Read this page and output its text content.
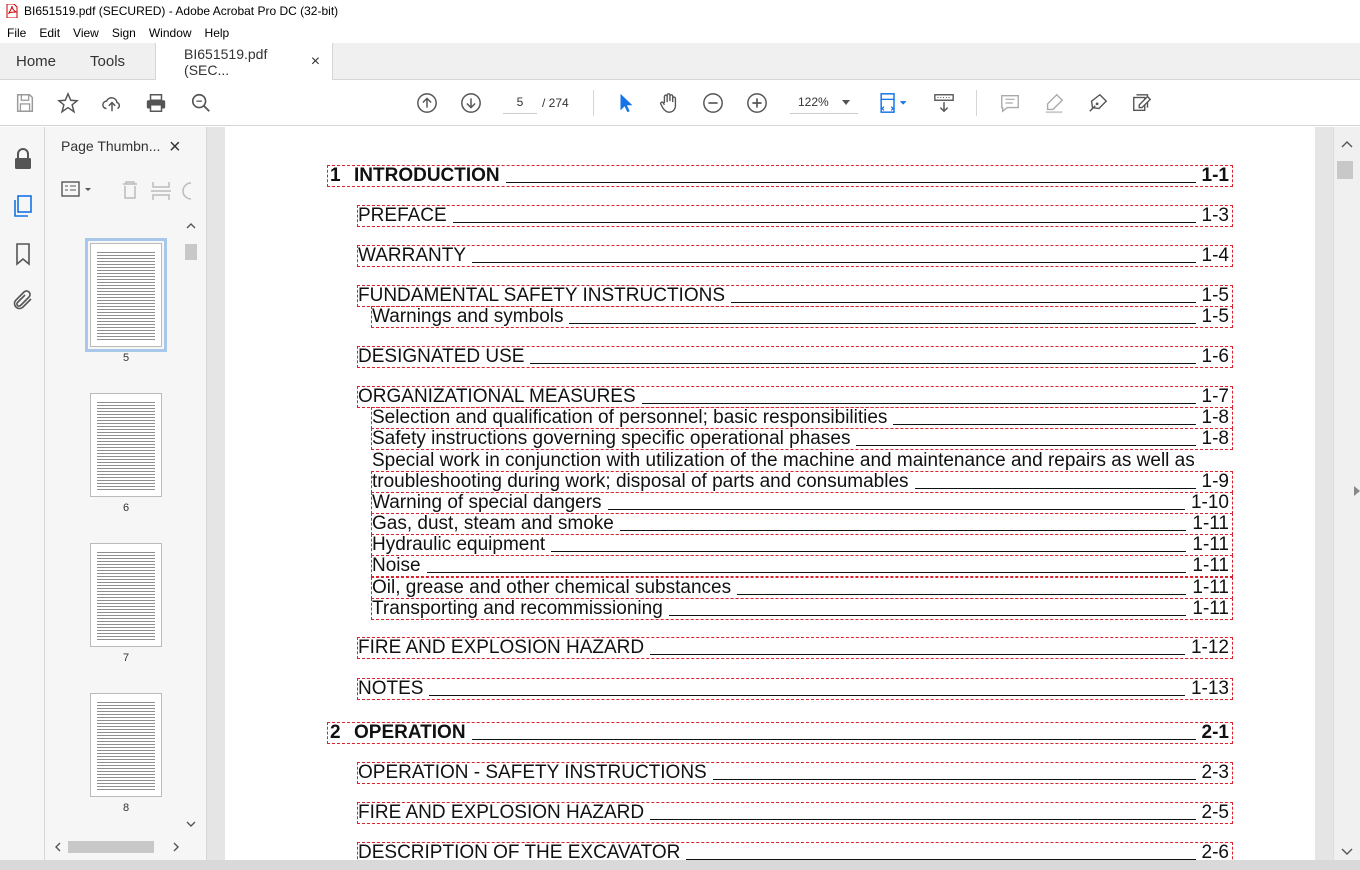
BI651519.pdf (SECURED) - Adobe Acrobat Pro DC (32-bit)
File	Edit	View	Sign	Window	Help
Home Tools	BI651519.pdf (SEC...	×
5
/ 274	122%
Page Thumbn... ×
5
6
7
8
1 INTRODUCTION	1-1
PREFACE	1-3
WARRANTY	1-4
FUNDAMENTAL SAFETY INSTRUCTIONS	1-5
Warnings and symbols	1-5
DESIGNATED USE	1-6
ORGANIZATIONAL MEASURES	1-7
Selection and qualification of personnel; basic responsibilities	1-8
Safety instructions governing specific operational phases	1-8
Special work in conjunction with utilization of the machine and maintenance and repairs as well as
troubleshooting during work; disposal of parts and consumables	1-9
Warning of special dangers	1-10
Gas, dust, steam and smoke	1-11
Hydraulic equipment	1-11
Noise	1-11
Oil, grease and other chemical substances	1-11
Transporting and recommissioning	1-11
FIRE AND EXPLOSION HAZARD	1-12
NOTES	1-13
2 OPERATION	2-1
OPERATION - SAFETY INSTRUCTIONS	2-3
FIRE AND EXPLOSION HAZARD	2-5
DESCRIPTION OF THE EXCAVATOR	2-6
